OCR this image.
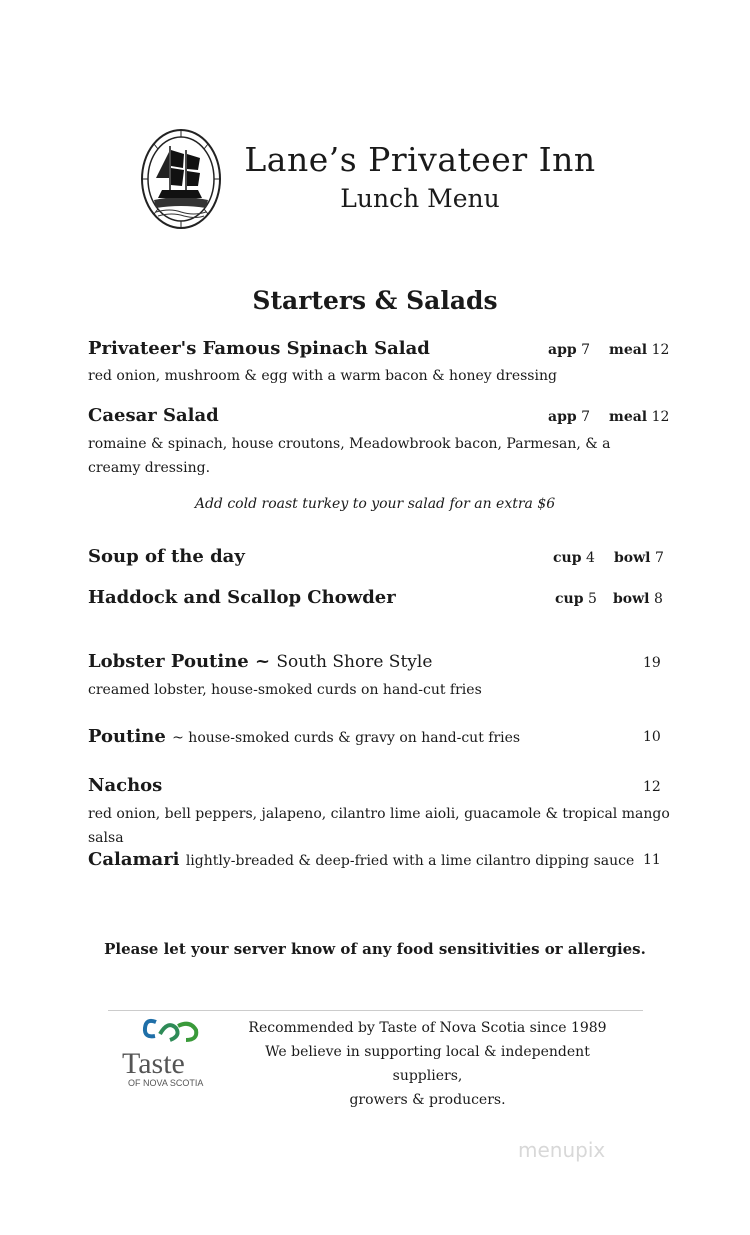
Lane’s Privateer Inn
Lunch Menu
Starters & Salads
Privateer's Famous Spinach Salad	app 7 meal 12
red onion, mushroom & egg with a warm bacon & honey dressing
Caesar Salad	app 7 meal 12
romaine & spinach, house croutons, Meadowbrook bacon, Parmesan, & a creamy dressing.
Add cold roast turkey to your salad for an extra $6
Soup of the day	cup 4 bowl 7
Haddock and Scallop Chowder	cup 5 bowl 8
Lobster Poutine ~ South Shore Style	19
creamed lobster, house-smoked curds on hand-cut fries
Poutine ~ house-smoked curds & gravy on hand-cut fries	10
Nachos	12
red onion, bell peppers, jalapeno, cilantro lime aioli, guacamole & tropical mango salsa
Calamari lightly-breaded & deep-fried with a lime cilantro dipping sauce 11
Please let your server know of any food sensitivities or allergies.
Taste
OF NOVA SCOTIA
Recommended by Taste of Nova Scotia since 1989
We believe in supporting local & independent suppliers,
growers & producers.
menupix
